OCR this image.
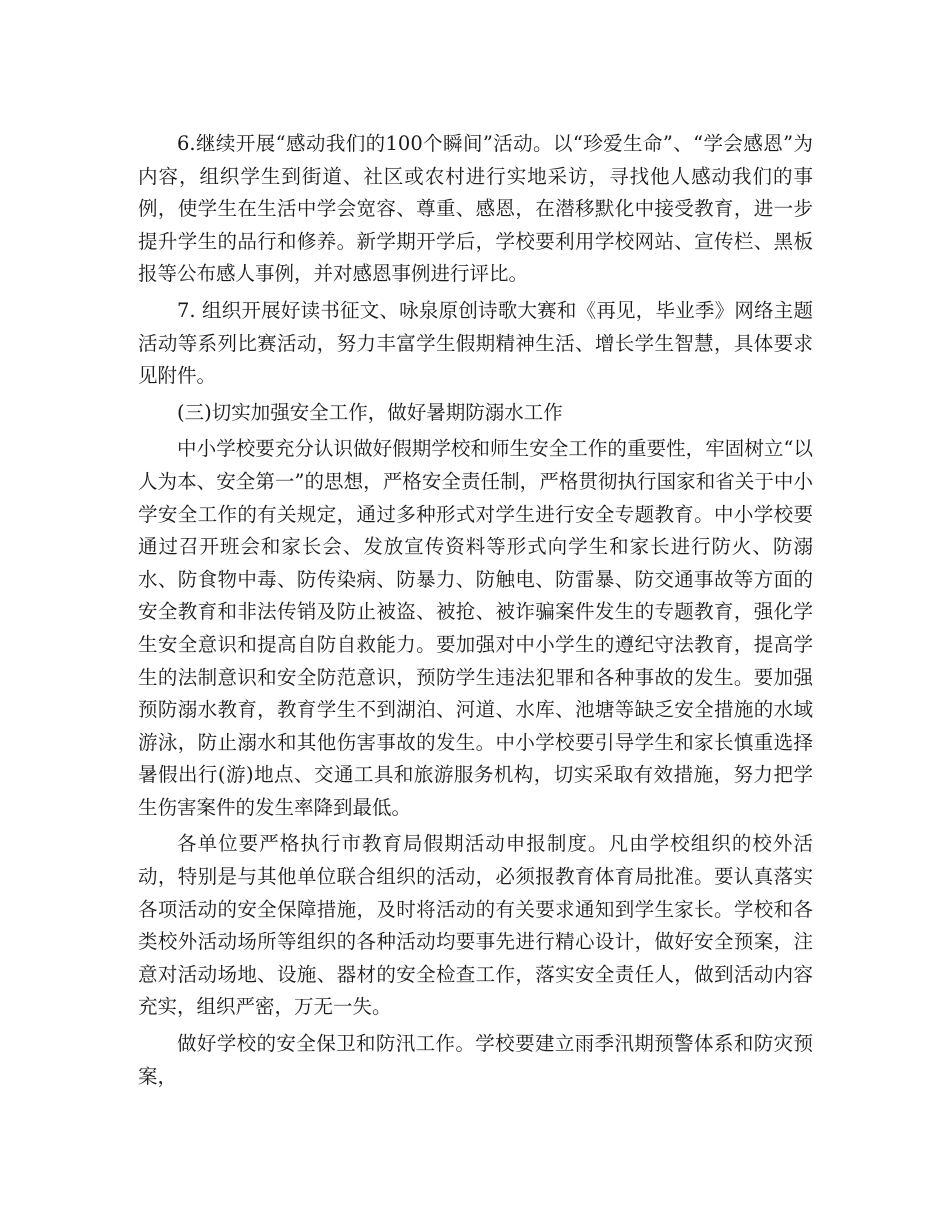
6.继续开展“感动我们的100个瞬间”活动。以“珍爱生命”、“学会感恩”为内容，组织学生到街道、社区或农村进行实地采访，寻找他人感动我们的事例，使学生在生活中学会宽容、尊重、感恩，在潜移默化中接受教育，进一步提升学生的品行和修养。新学期开学后，学校要利用学校网站、宣传栏、黑板报等公布感人事例，并对感恩事例进行评比。

7. 组织开展好读书征文、咏泉原创诗歌大赛和《再见，毕业季》网络主题活动等系列比赛活动，努力丰富学生假期精神生活、增长学生智慧，具体要求见附件。

(三)切实加强安全工作，做好暑期防溺水工作

中小学校要充分认识做好假期学校和师生安全工作的重要性，牢固树立“以人为本、安全第一”的思想，严格安全责任制，严格贯彻执行国家和省关于中小学安全工作的有关规定，通过多种形式对学生进行安全专题教育。中小学校要通过召开班会和家长会、发放宣传资料等形式向学生和家长进行防火、防溺水、防食物中毒、防传染病、防暴力、防触电、防雷暴、防交通事故等方面的安全教育和非法传销及防止被盗、被抢、被诈骗案件发生的专题教育，强化学生安全意识和提高自防自救能力。要加强对中小学生的遵纪守法教育，提高学生的法制意识和安全防范意识，预防学生违法犯罪和各种事故的发生。要加强预防溺水教育，教育学生不到湖泊、河道、水库、池塘等缺乏安全措施的水域游泳，防止溺水和其他伤害事故的发生。中小学校要引导学生和家长慎重选择暑假出行(游)地点、交通工具和旅游服务机构，切实采取有效措施，努力把学生伤害案件的发生率降到最低。

各单位要严格执行市教育局假期活动申报制度。凡由学校组织的校外活动，特别是与其他单位联合组织的活动，必须报教育体育局批准。要认真落实各项活动的安全保障措施，及时将活动的有关要求通知到学生家长。学校和各类校外活动场所等组织的各种活动均要事先进行精心设计，做好安全预案，注意对活动场地、设施、器材的安全检查工作，落实安全责任人，做到活动内容充实，组织严密，万无一失。

做好学校的安全保卫和防汛工作。学校要建立雨季汛期预警体系和防灾预案，
